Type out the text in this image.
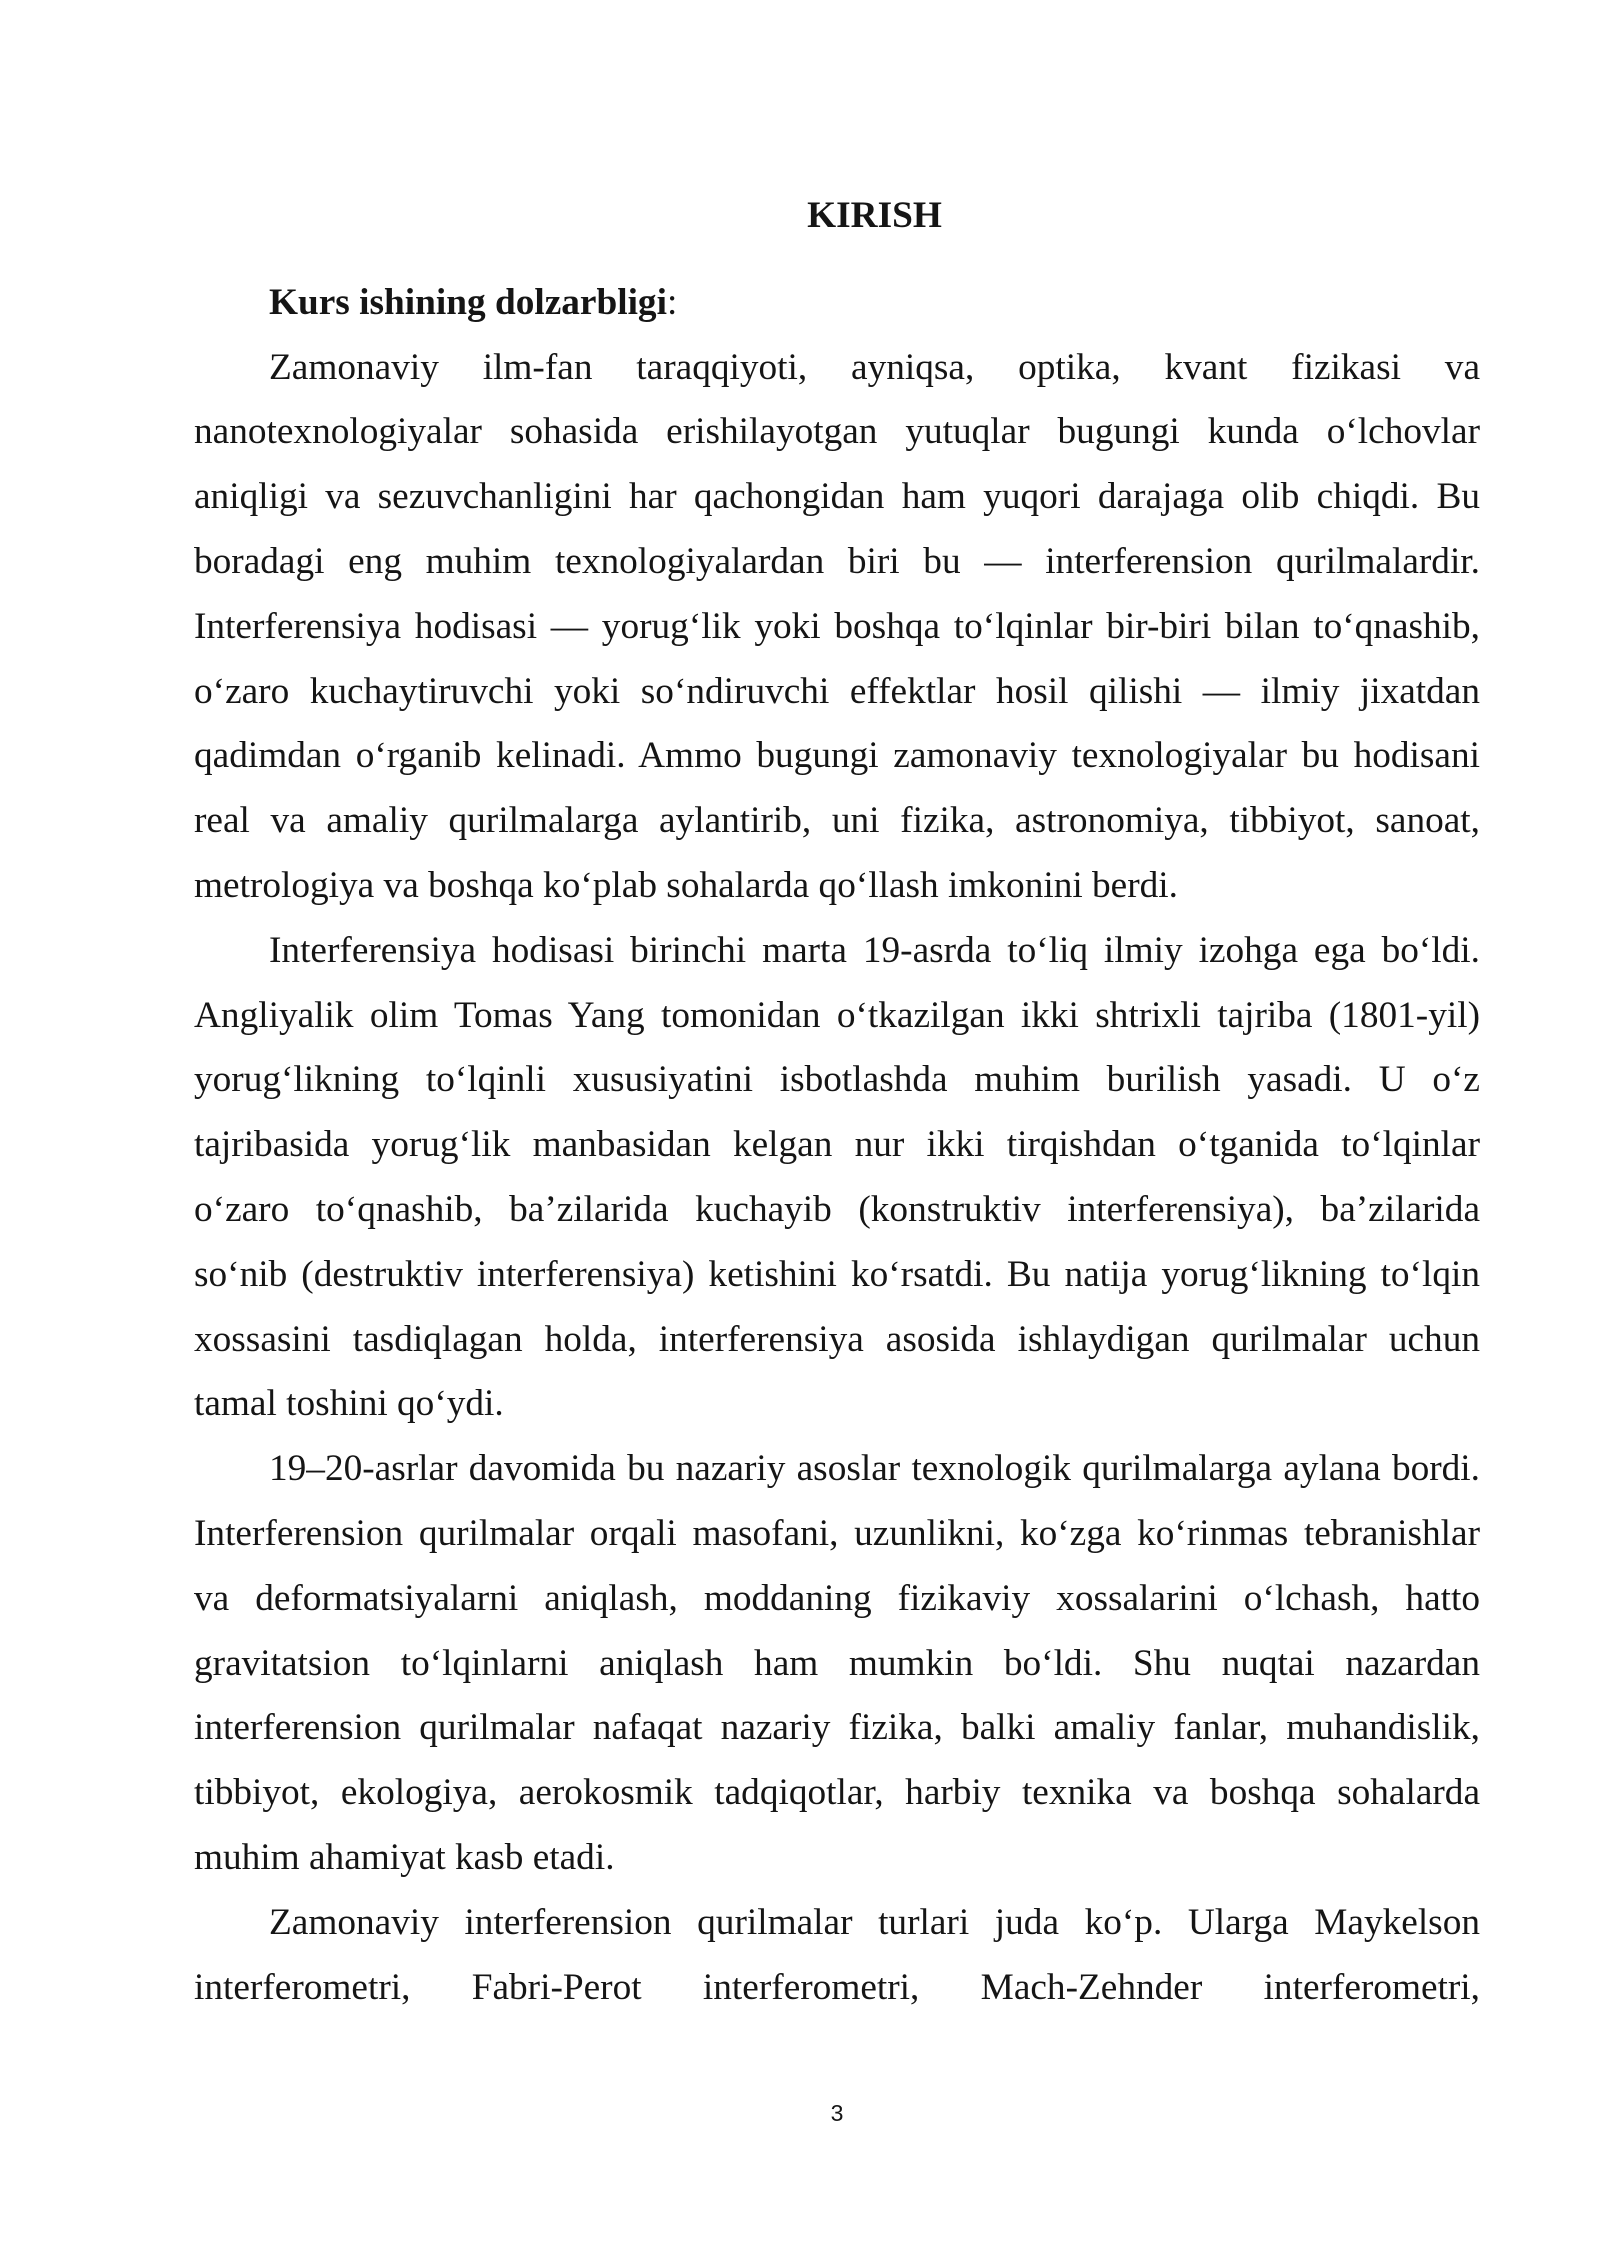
KIRISH
Kurs ishining dolzarbligi:
Zamonaviy ilm-fan taraqqiyoti, ayniqsa, optika, kvant fizikasi va
nanotexnologiyalar sohasida erishilayotgan yutuqlar bugungi kunda o‘lchovlar
aniqligi va sezuvchanligini har qachongidan ham yuqori darajaga olib chiqdi. Bu
boradagi eng muhim texnologiyalardan biri bu — interferension qurilmalardir.
Interferensiya hodisasi — yorug‘lik yoki boshqa to‘lqinlar bir-biri bilan to‘qnashib,
o‘zaro kuchaytiruvchi yoki so‘ndiruvchi effektlar hosil qilishi — ilmiy jixatdan
qadimdan o‘rganib kelinadi. Ammo bugungi zamonaviy texnologiyalar bu hodisani
real va amaliy qurilmalarga aylantirib, uni fizika, astronomiya, tibbiyot, sanoat,
metrologiya va boshqa ko‘plab sohalarda qo‘llash imkonini berdi.
Interferensiya hodisasi birinchi marta 19-asrda to‘liq ilmiy izohga ega bo‘ldi.
Angliyalik olim Tomas Yang tomonidan o‘tkazilgan ikki shtrixli tajriba (1801-yil)
yorug‘likning to‘lqinli xususiyatini isbotlashda muhim burilish yasadi. U o‘z
tajribasida yorug‘lik manbasidan kelgan nur ikki tirqishdan o‘tganida to‘lqinlar
o‘zaro to‘qnashib, ba’zilarida kuchayib (konstruktiv interferensiya), ba’zilarida
so‘nib (destruktiv interferensiya) ketishini ko‘rsatdi. Bu natija yorug‘likning to‘lqin
xossasini tasdiqlagan holda, interferensiya asosida ishlaydigan qurilmalar uchun
tamal toshini qo‘ydi.
19–20-asrlar davomida bu nazariy asoslar texnologik qurilmalarga aylana bordi.
Interferension qurilmalar orqali masofani, uzunlikni, ko‘zga ko‘rinmas tebranishlar
va deformatsiyalarni aniqlash, moddaning fizikaviy xossalarini o‘lchash, hatto
gravitatsion to‘lqinlarni aniqlash ham mumkin bo‘ldi. Shu nuqtai nazardan
interferension qurilmalar nafaqat nazariy fizika, balki amaliy fanlar, muhandislik,
tibbiyot, ekologiya, aerokosmik tadqiqotlar, harbiy texnika va boshqa sohalarda
muhim ahamiyat kasb etadi.
Zamonaviy interferension qurilmalar turlari juda ko‘p. Ularga Maykelson
interferometri, Fabri-Perot interferometri, Mach-Zehnder interferometri,
3
